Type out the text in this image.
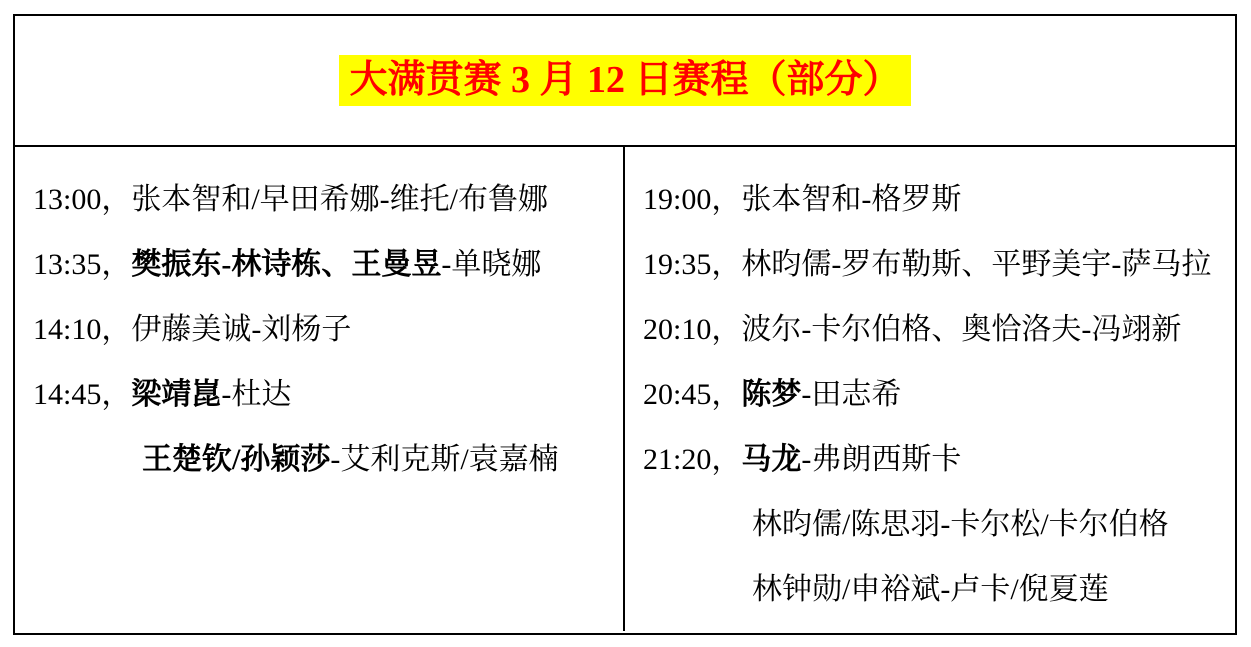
大满贯赛 3 月 12 日赛程（部分）
13:00，张本智和/早田希娜-维托/布鲁娜
13:35， 樊振东-林诗栋、王曼昱 -单晓娜
14:10，伊藤美诚-刘杨子
14:45， 梁靖崑 -杜达
王楚钦/孙颖莎 -艾利克斯/袁嘉楠
19:00，张本智和-格罗斯
19:35，林昀儒-罗布勒斯、平野美宇-萨马拉
20:10，波尔-卡尔伯格、奥恰洛夫-冯翊新
20:45， 陈梦 -田志希
21:20， 马龙 -弗朗西斯卡
林昀儒/陈思羽-卡尔松/卡尔伯格
林钟勋/申裕斌-卢卡/倪夏莲
